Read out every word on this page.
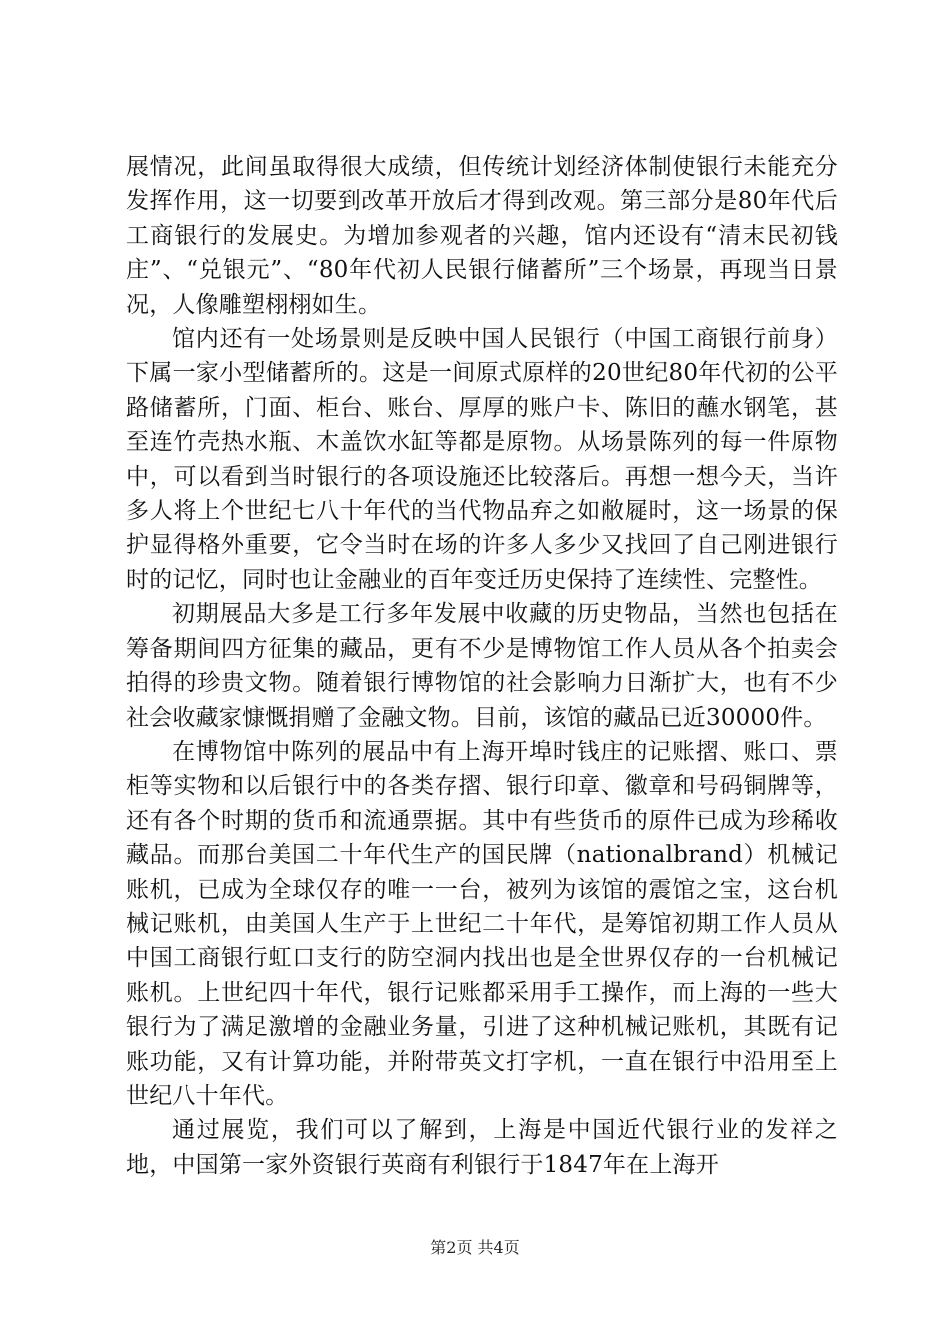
展情况，此间虽取得很大成绩，但传统计划经济体制使银行未能充分发挥作用，这一切要到改革开放后才得到改观。第三部分是80年代后工商银行的发展史。为增加参观者的兴趣，馆内还设有“清末民初钱庄”、“兑银元”、“80年代初人民银行储蓄所”三个场景，再现当日景况，人像雕塑栩栩如生。

馆内还有一处场景则是反映中国人民银行（中国工商银行前身）下属一家小型储蓄所的。这是一间原式原样的20世纪80年代初的公平路储蓄所，门面、柜台、账台、厚厚的账户卡、陈旧的蘸水钢笔，甚至连竹壳热水瓶、木盖饮水缸等都是原物。从场景陈列的每一件原物中，可以看到当时银行的各项设施还比较落后。再想一想今天，当许多人将上个世纪七八十年代的当代物品弃之如敝屣时，这一场景的保护显得格外重要，它令当时在场的许多人多少又找回了自己刚进银行时的记忆，同时也让金融业的百年变迁历史保持了连续性、完整性。

初期展品大多是工行多年发展中收藏的历史物品，当然也包括在筹备期间四方征集的藏品，更有不少是博物馆工作人员从各个拍卖会拍得的珍贵文物。随着银行博物馆的社会影响力日渐扩大，也有不少社会收藏家慷慨捐赠了金融文物。目前，该馆的藏品已近30000件。

在博物馆中陈列的展品中有上海开埠时钱庄的记账摺、账口、票柜等实物和以后银行中的各类存摺、银行印章、徽章和号码铜牌等，还有各个时期的货币和流通票据。其中有些货币的原件已成为珍稀收藏品。而那台美国二十年代生产的国民牌（nationalbrand）机械记账机，已成为全球仅存的唯一一台，被列为该馆的震馆之宝，这台机械记账机，由美国人生产于上世纪二十年代，是筹馆初期工作人员从中国工商银行虹口支行的防空洞内找出也是全世界仅存的一台机械记账机。上世纪四十年代，银行记账都采用手工操作，而上海的一些大银行为了满足激增的金融业务量，引进了这种机械记账机，其既有记账功能，又有计算功能，并附带英文打字机，一直在银行中沿用至上世纪八十年代。

通过展览，我们可以了解到，上海是中国近代银行业的发祥之地，中国第一家外资银行英商有利银行于1847年在上海开

第2页 共4页
